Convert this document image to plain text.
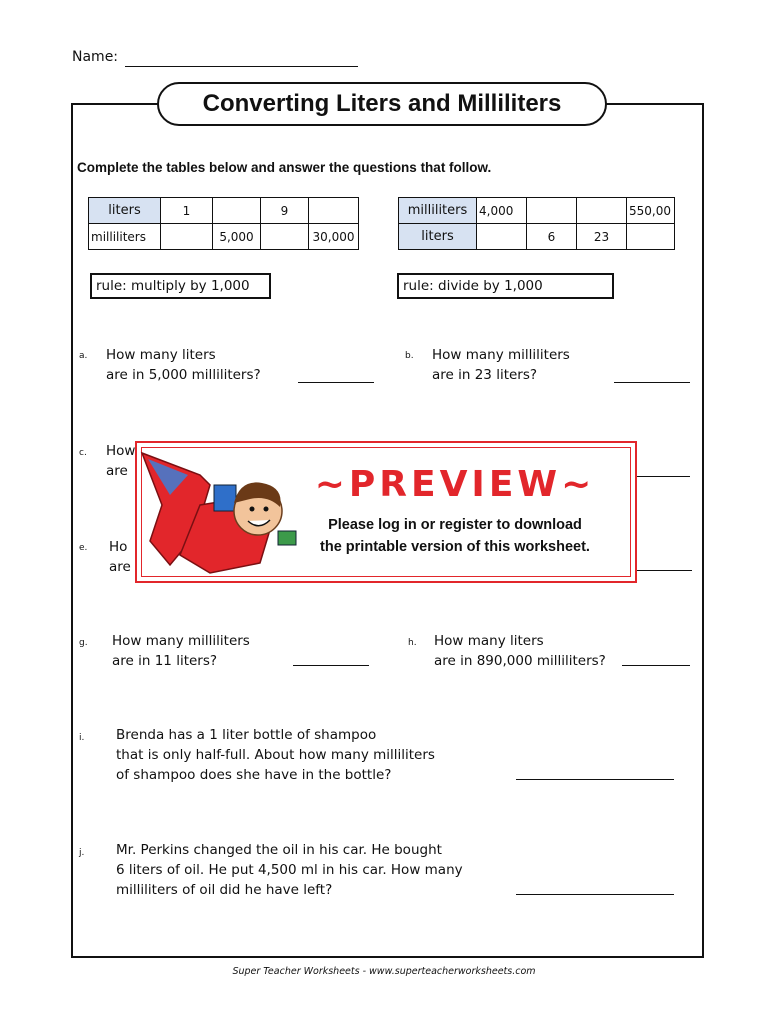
Name:
Converting Liters and Milliliters
Complete the tables below and answer the questions that follow.
liters	1		9	
milliliters		5,000		30,000
milliliters	4,000			550,00
liters		6	23	
rule: multiply by 1,000	rule: divide by 1,000
a. How many liters
are in 5,000 milliliters?
b. How many milliliters
are in 23 liters?
c. How
are
e. Ho
are
~PREVIEW~
Please log in or register to download
the printable version of this worksheet.
g. How many milliliters
are in 11 liters?
h. How many liters
are in 890,000 milliliters?
i. Brenda has a 1 liter bottle of shampoo
that is only half-full. About how many milliliters
of shampoo does she have in the bottle?
j. Mr. Perkins changed the oil in his car. He bought
6 liters of oil. He put 4,500 ml in his car. How many
milliliters of oil did he have left?
Super Teacher Worksheets - www.superteacherworksheets.com
